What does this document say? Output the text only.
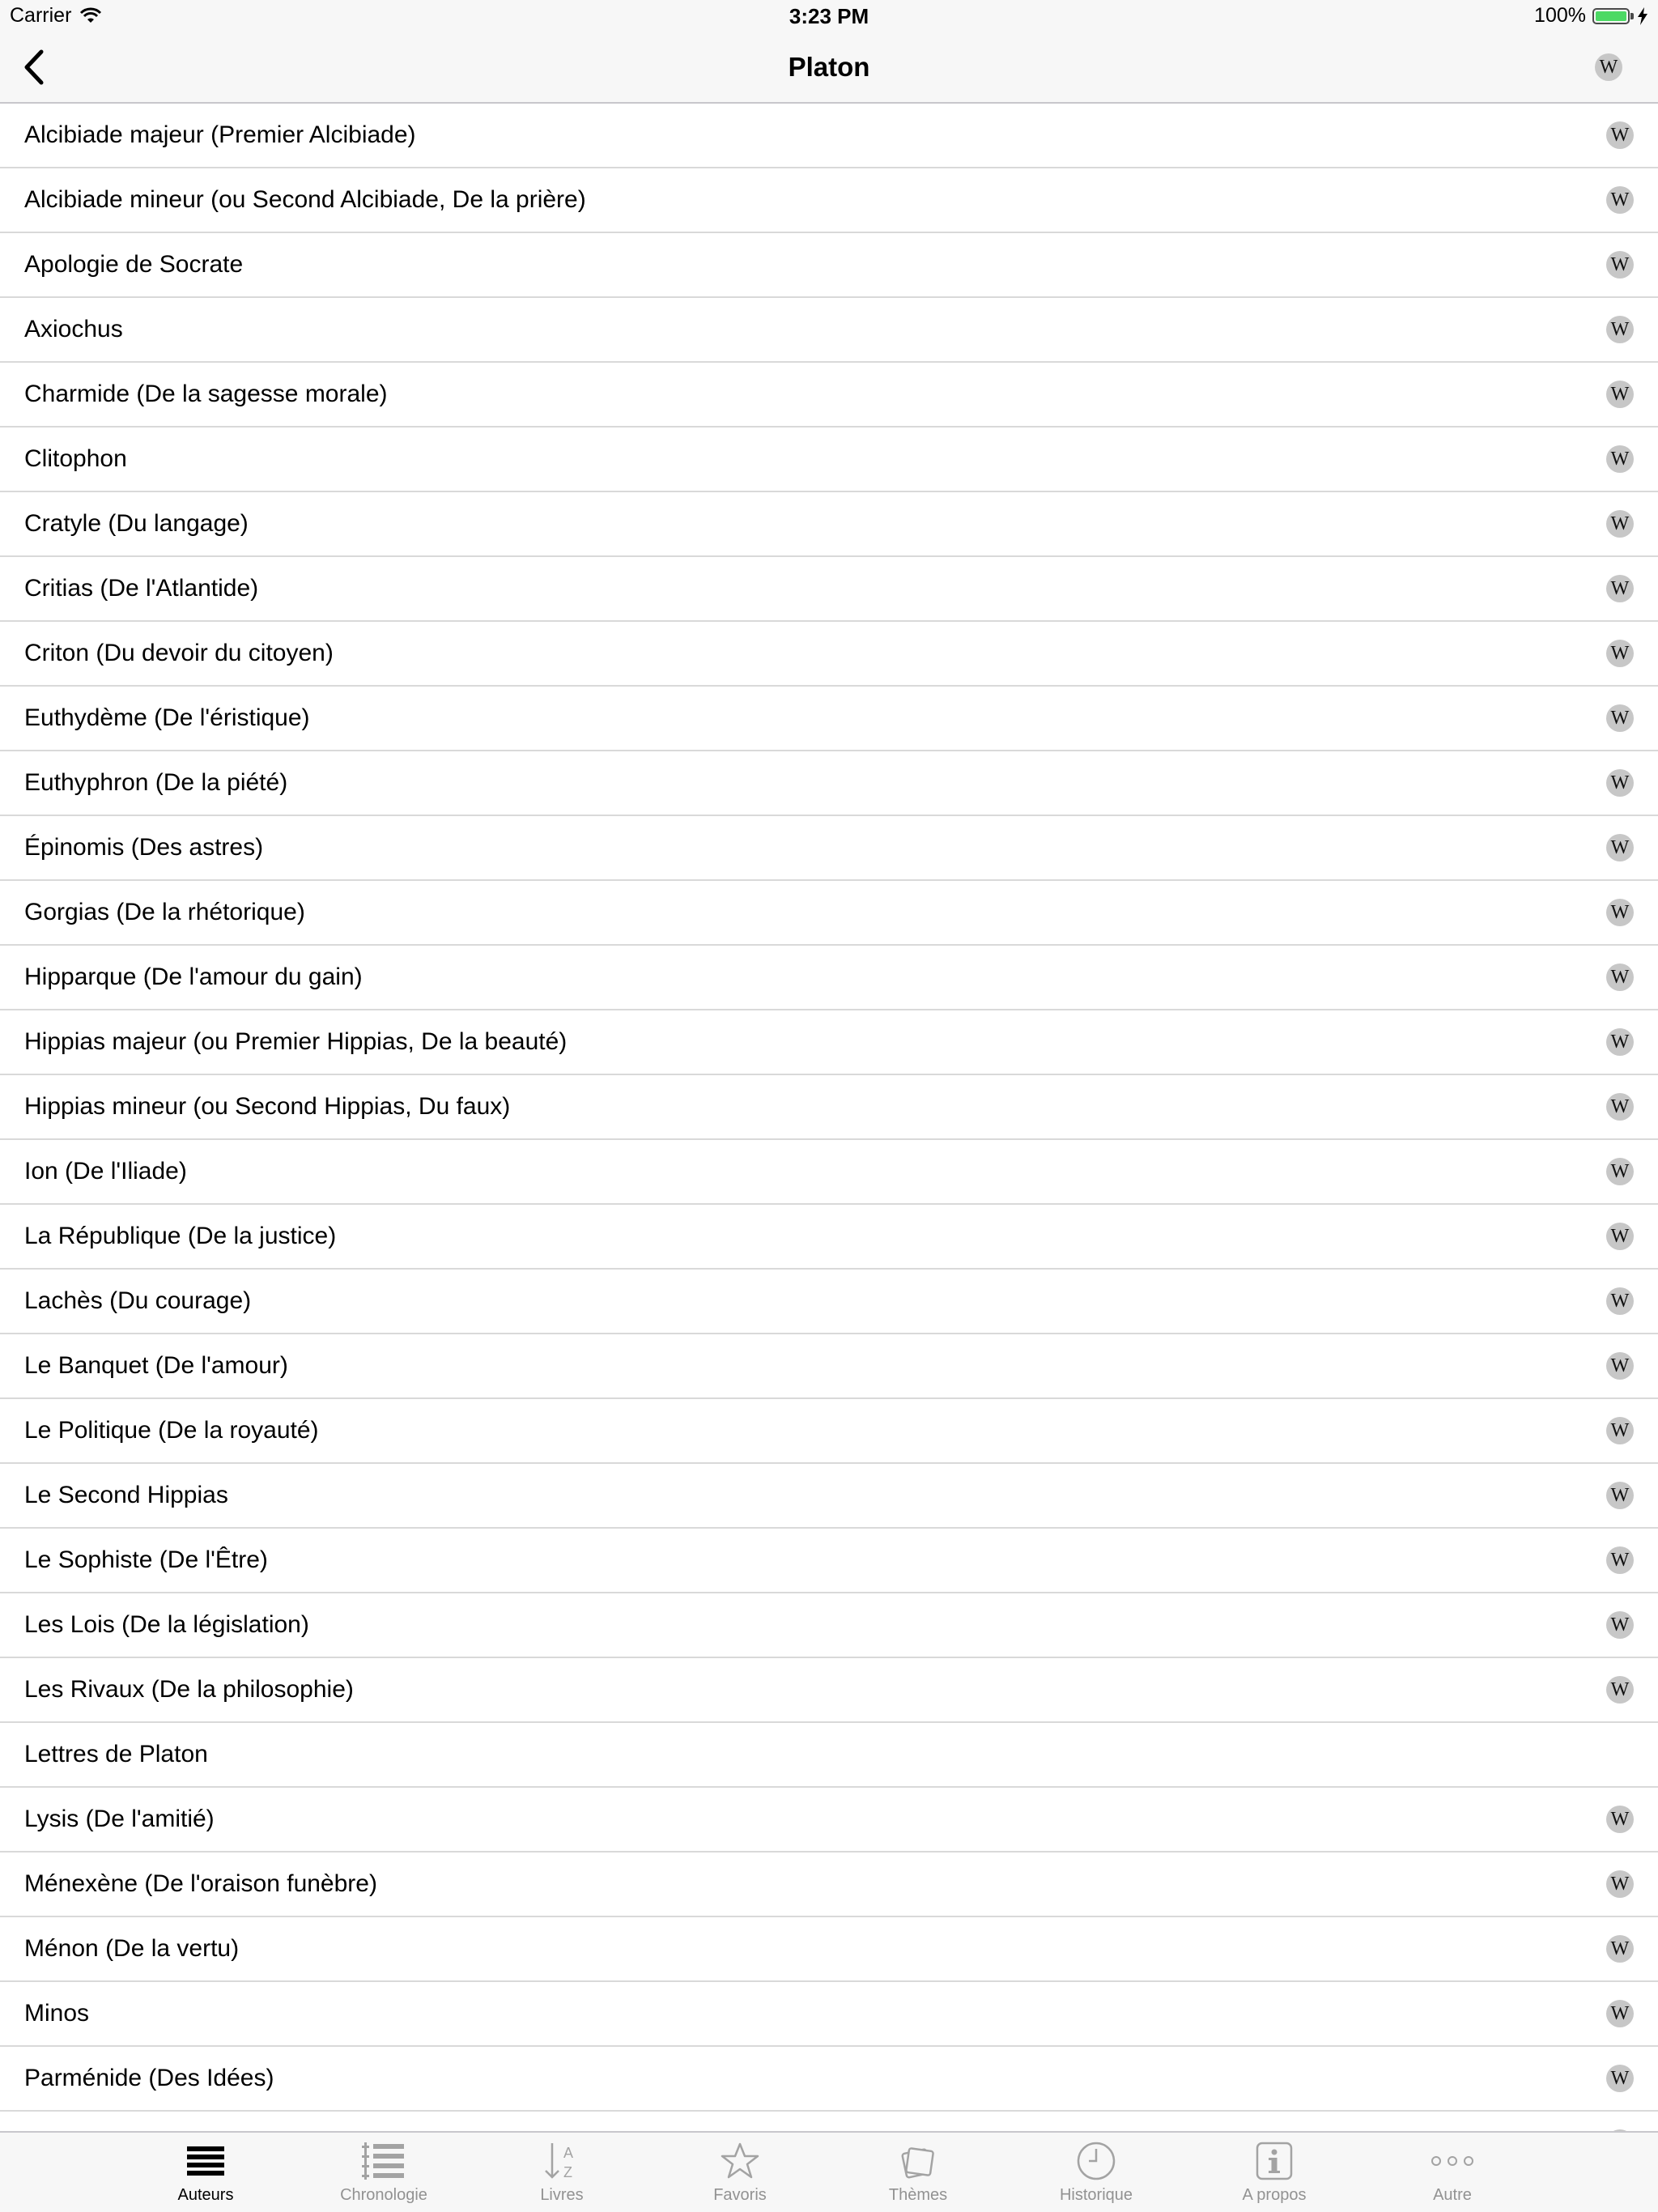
Carrier	3:23 PM	100%
Platon	W
Alcibiade majeur (Premier Alcibiade)	W
Alcibiade mineur (ou Second Alcibiade, De la prière)	W
Apologie de Socrate	W
Axiochus	W
Charmide (De la sagesse morale)	W
Clitophon	W
Cratyle (Du langage)	W
Critias (De l'Atlantide)	W
Criton (Du devoir du citoyen)	W
Euthydème (De l'éristique)	W
Euthyphron (De la piété)	W
Épinomis (Des astres)	W
Gorgias (De la rhétorique)	W
Hipparque (De l'amour du gain)	W
Hippias majeur (ou Premier Hippias, De la beauté)	W
Hippias mineur (ou Second Hippias, Du faux)	W
Ion (De l'Iliade)	W
La République (De la justice)	W
Lachès (Du courage)	W
Le Banquet (De l'amour)	W
Le Politique (De la royauté)	W
Le Second Hippias	W
Le Sophiste (De l'Être)	W
Les Lois (De la législation)	W
Les Rivaux (De la philosophie)	W
Lettres de Platon
Lysis (De l'amitié)	W
Ménexène (De l'oraison funèbre)	W
Ménon (De la vertu)	W
Minos	W
Parménide (Des Idées)	W
Auteurs	Chronologie
A
Z
Livres	Favoris	Thèmes	Historique	A propos	Autre
